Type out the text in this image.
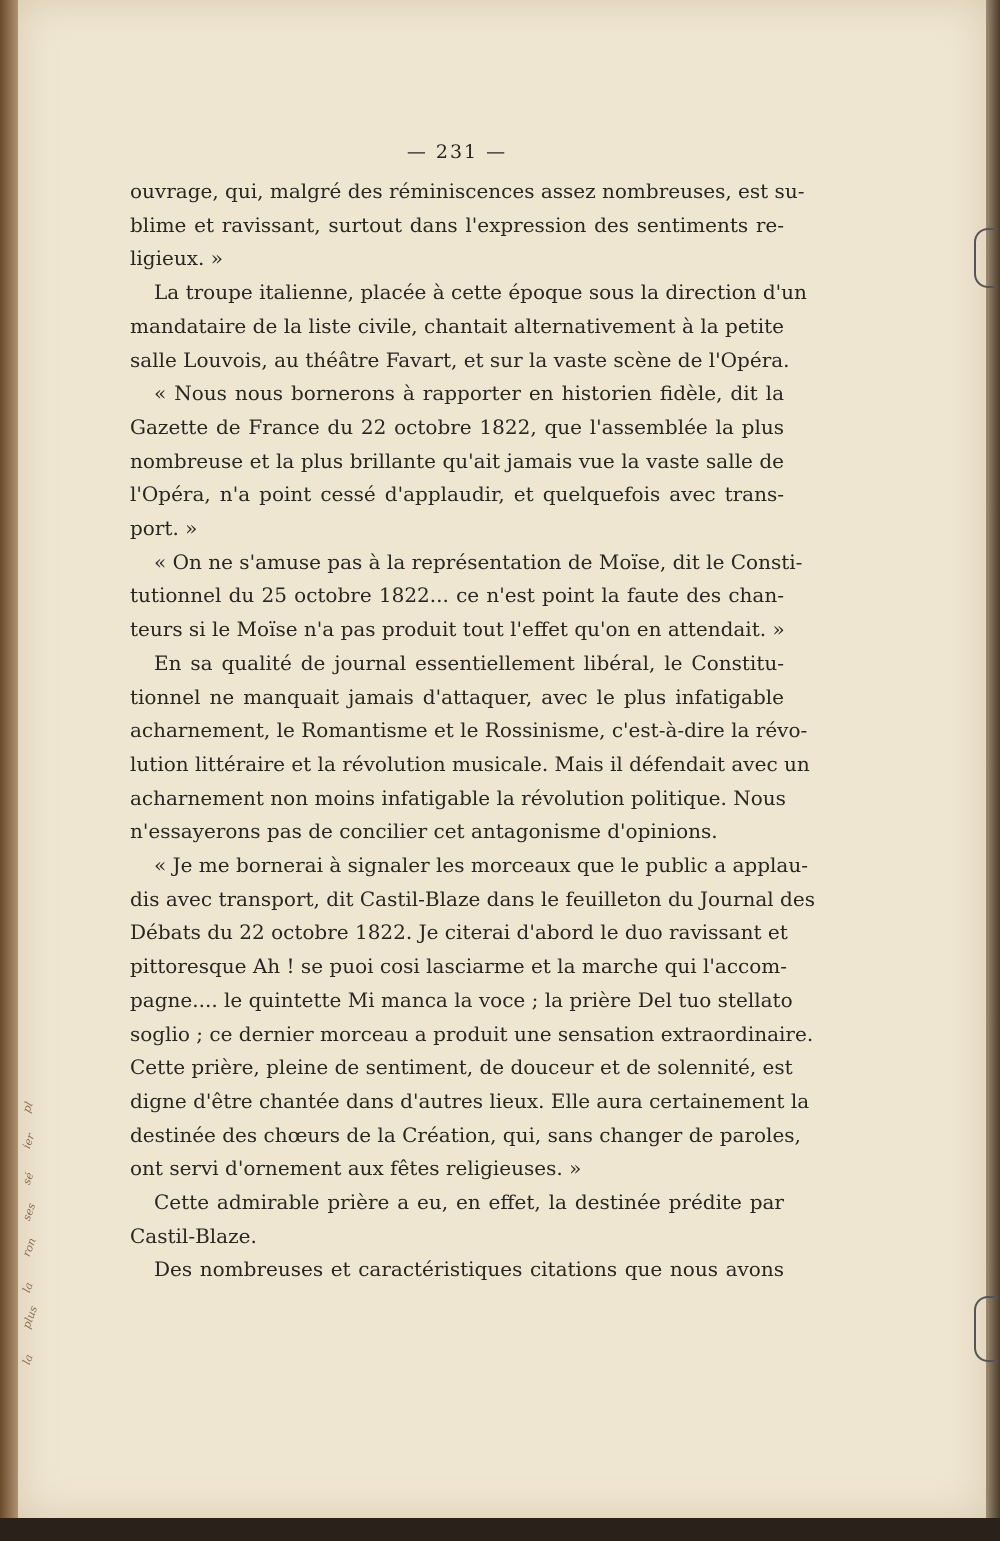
— 231 —
ouvrage, qui, malgré des réminiscences assez nombreuses, est su-
blime et ravissant, surtout dans l'expression des sentiments re-
ligieux. »
La troupe italienne, placée à cette époque sous la direction d'un
mandataire de la liste civile, chantait alternativement à la petite
salle Louvois, au théâtre Favart, et sur la vaste scène de l'Opéra.
« Nous nous bornerons à rapporter en historien fidèle, dit la
Gazette de France du 22 octobre 1822, que l'assemblée la plus
nombreuse et la plus brillante qu'ait jamais vue la vaste salle de
l'Opéra, n'a point cessé d'applaudir, et quelquefois avec trans-
port. »
« On ne s'amuse pas à la représentation de Moïse, dit le Consti-
tutionnel du 25 octobre 1822... ce n'est point la faute des chan-
teurs si le Moïse n'a pas produit tout l'effet qu'on en attendait. »
En sa qualité de journal essentiellement libéral, le Constitu-
tionnel ne manquait jamais d'attaquer, avec le plus infatigable
acharnement, le Romantisme et le Rossinisme, c'est-à-dire la révo-
lution littéraire et la révolution musicale. Mais il défendait avec un
acharnement non moins infatigable la révolution politique. Nous
n'essayerons pas de concilier cet antagonisme d'opinions.
« Je me bornerai à signaler les morceaux que le public a applau-
dis avec transport, dit Castil-Blaze dans le feuilleton du Journal des
Débats du 22 octobre 1822. Je citerai d'abord le duo ravissant et
pittoresque Ah ! se puoi cosi lasciarme et la marche qui l'accom-
pagne.... le quintette Mi manca la voce ; la prière Del tuo stellato
soglio ; ce dernier morceau a produit une sensation extraordinaire.
Cette prière, pleine de sentiment, de douceur et de solennité, est
digne d'être chantée dans d'autres lieux. Elle aura certainement la
destinée des chœurs de la Création, qui, sans changer de paroles,
ont servi d'ornement aux fêtes religieuses. »
Cette admirable prière a eu, en effet, la destinée prédite par
Castil-Blaze.
Des nombreuses et caractéristiques citations que nous avons
pl
ier
sé
ses
ron
la
plus
la
